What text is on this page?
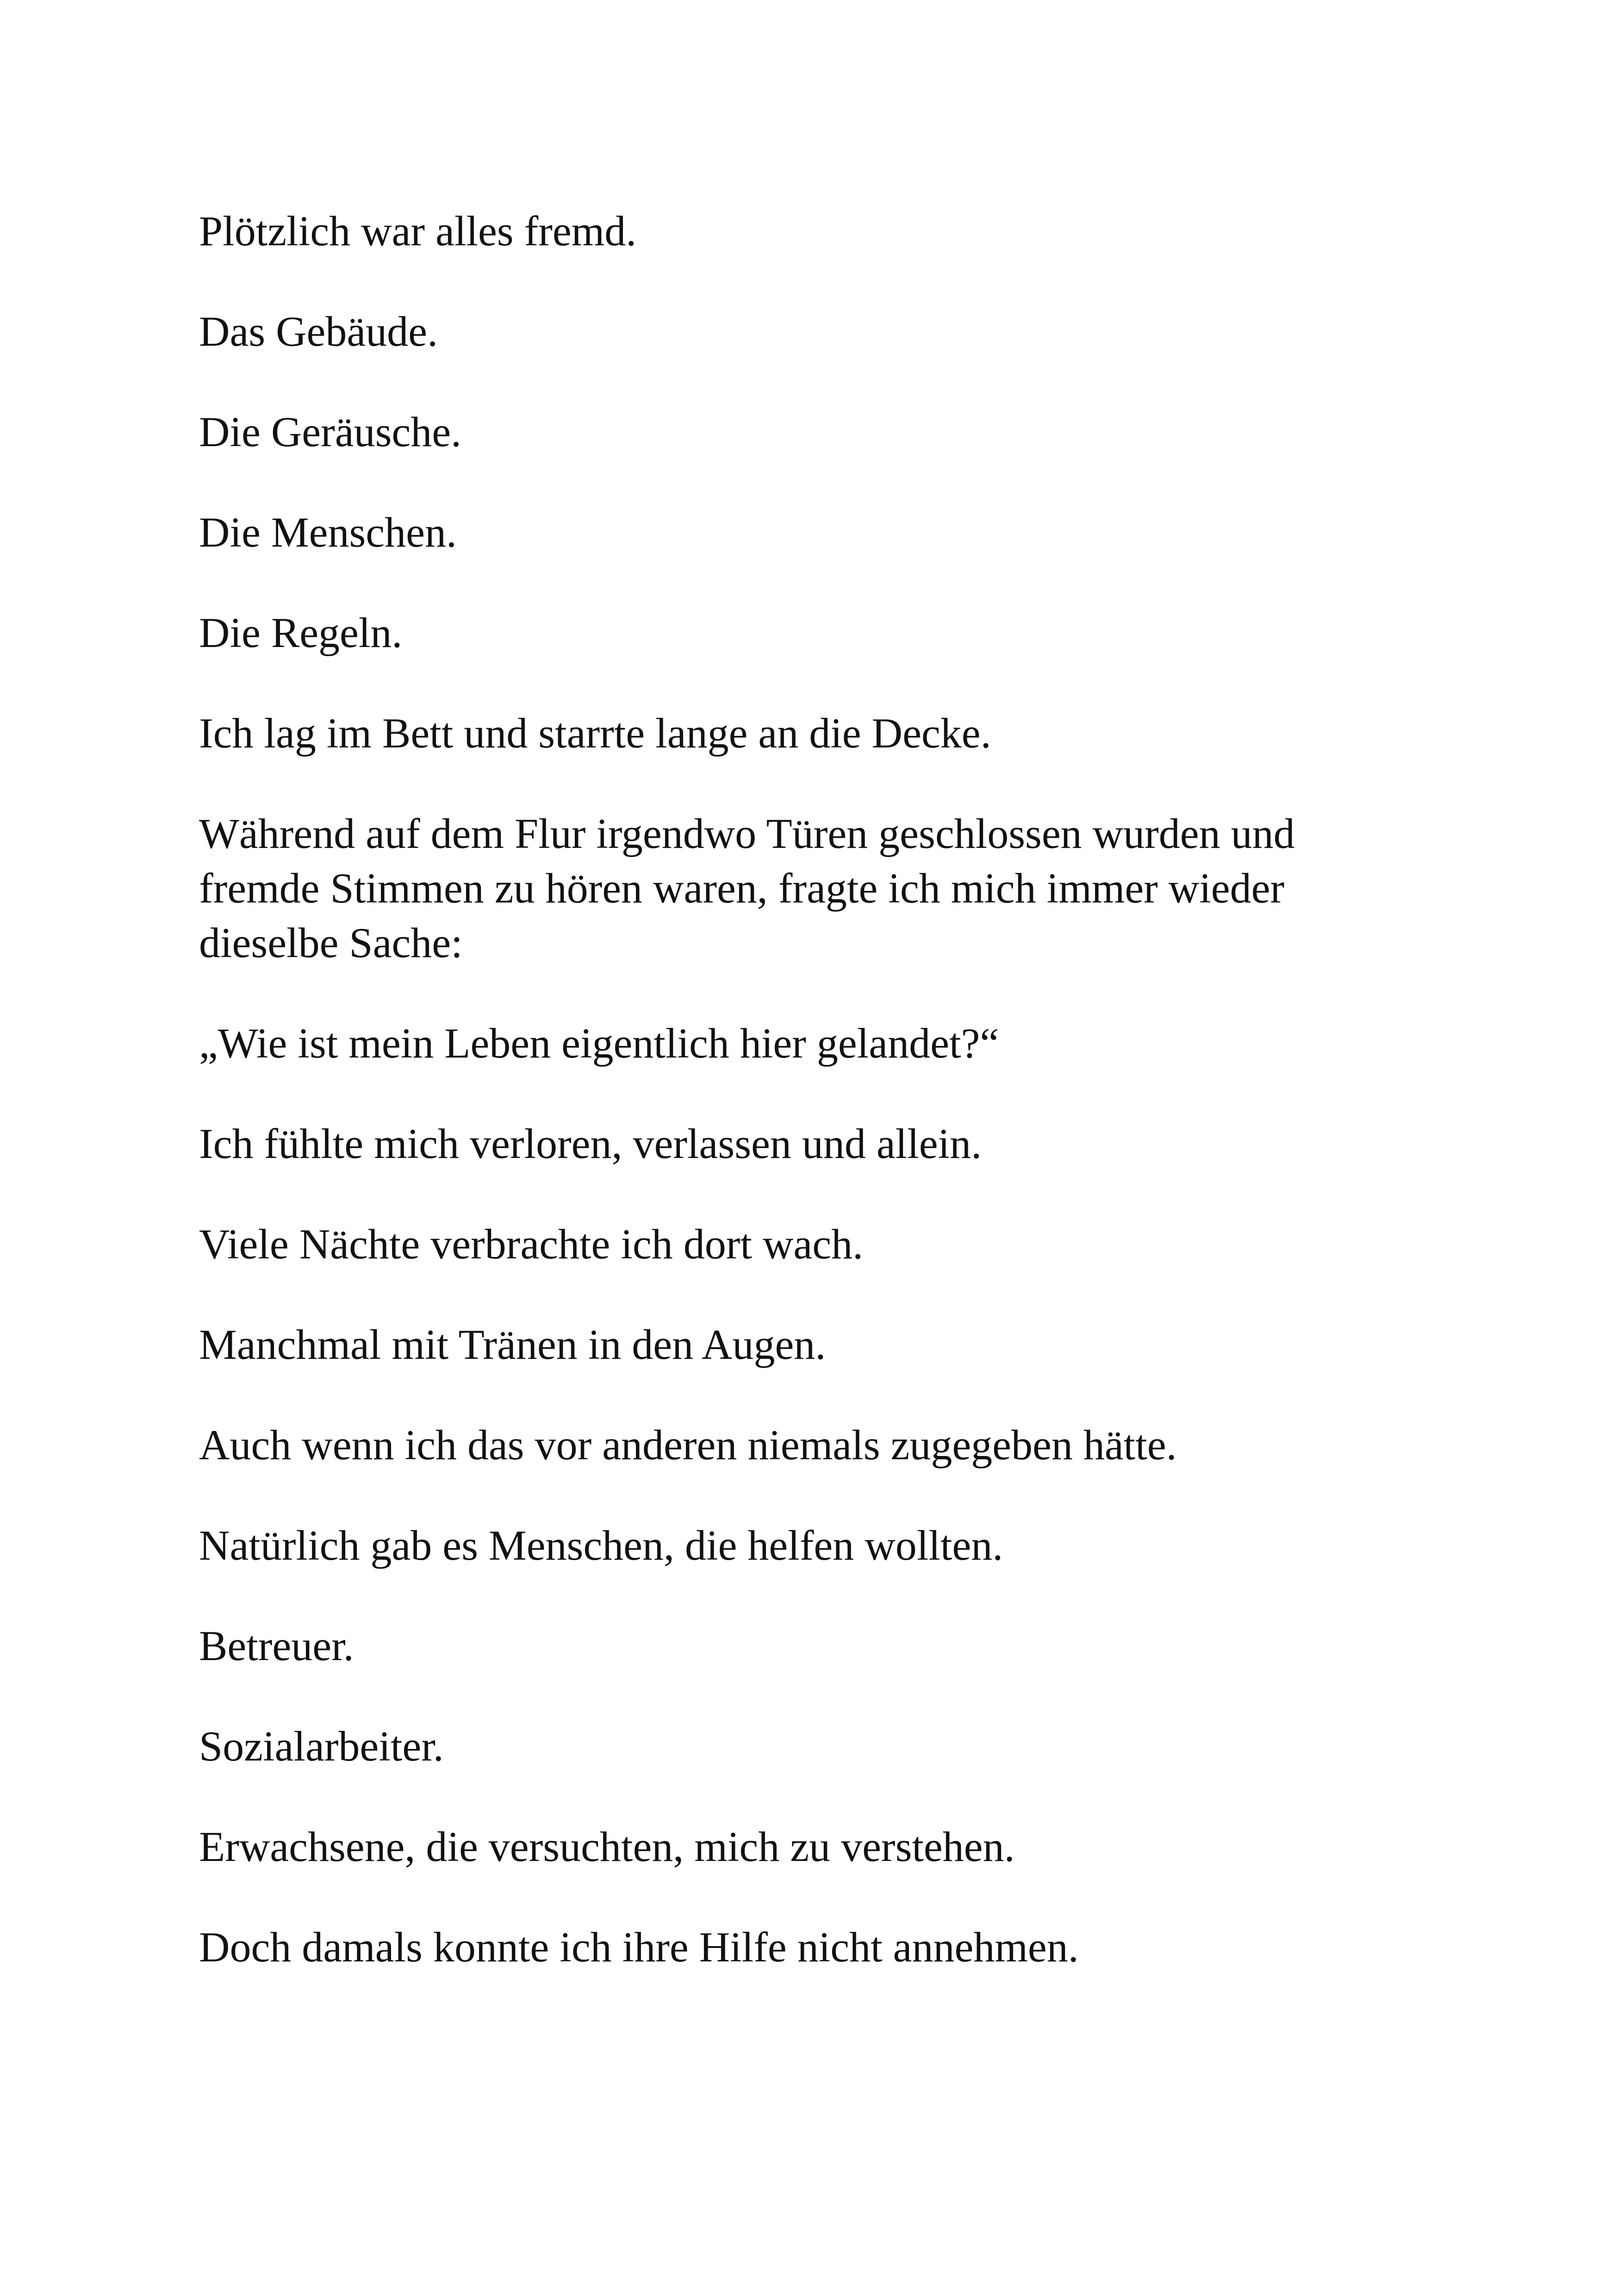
Plötzlich war alles fremd.

Das Gebäude.

Die Geräusche.

Die Menschen.

Die Regeln.

Ich lag im Bett und starrte lange an die Decke.

Während auf dem Flur irgendwo Türen geschlossen wurden und
fremde Stimmen zu hören waren, fragte ich mich immer wieder
dieselbe Sache:

„Wie ist mein Leben eigentlich hier gelandet?“

Ich fühlte mich verloren, verlassen und allein.

Viele Nächte verbrachte ich dort wach.

Manchmal mit Tränen in den Augen.

Auch wenn ich das vor anderen niemals zugegeben hätte.

Natürlich gab es Menschen, die helfen wollten.

Betreuer.

Sozialarbeiter.

Erwachsene, die versuchten, mich zu verstehen.

Doch damals konnte ich ihre Hilfe nicht annehmen.
